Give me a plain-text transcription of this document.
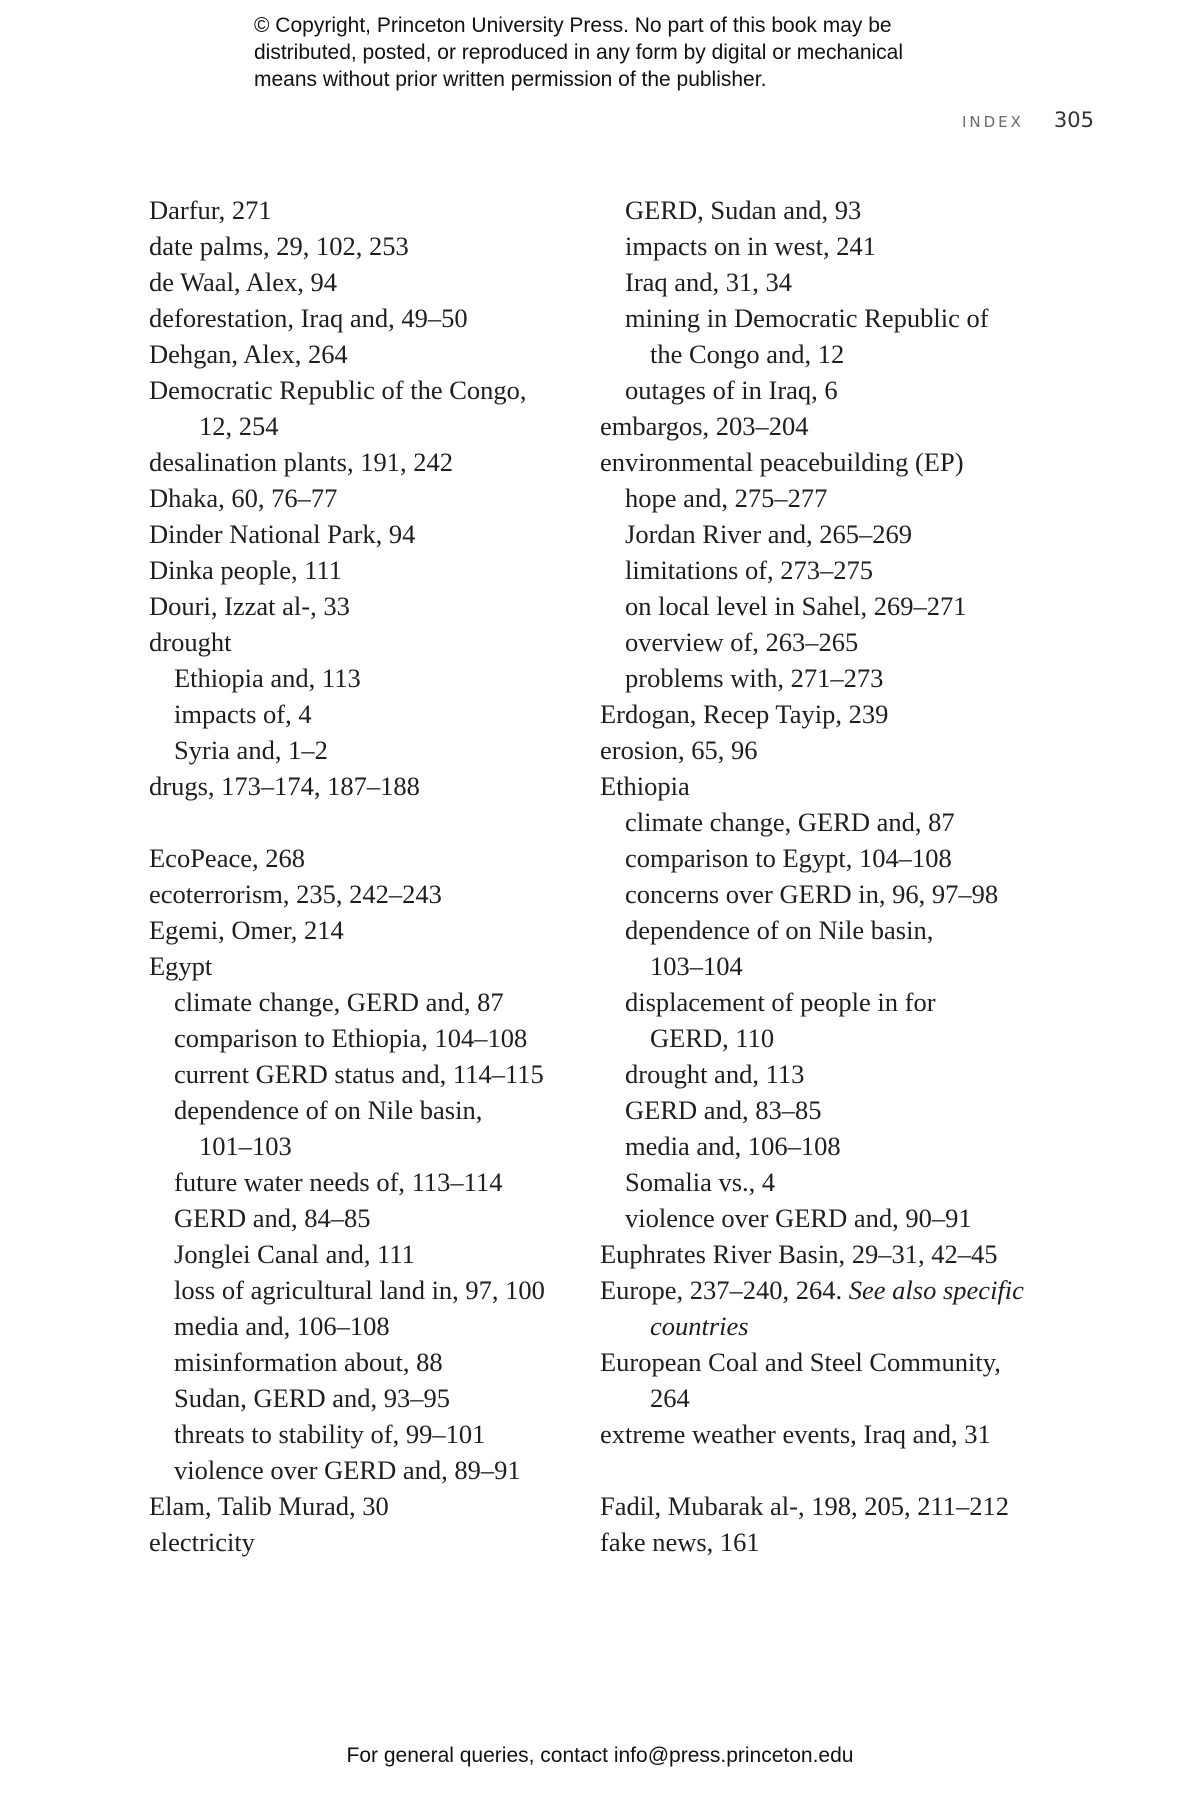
© Copyright, Princeton University Press. No part of this book may be
distributed, posted, or reproduced in any form by digital or mechanical
means without prior written permission of the publisher.
INDEX 305
Darfur, 271
date palms, 29, 102, 253
de Waal, Alex, 94
deforestation, Iraq and, 49–50
Dehgan, Alex, 264
Democratic Republic of the Congo,
12, 254
desalination plants, 191, 242
Dhaka, 60, 76–77
Dinder National Park, 94
Dinka people, 111
Douri, Izzat al-, 33
drought
Ethiopia and, 113
impacts of, 4
Syria and, 1–2
drugs, 173–174, 187–188
EcoPeace, 268
ecoterrorism, 235, 242–243
Egemi, Omer, 214
Egypt
climate change, GERD and, 87
comparison to Ethiopia, 104–108
current GERD status and, 114–115
dependence of on Nile basin,
101–103
future water needs of, 113–114
GERD and, 84–85
Jonglei Canal and, 111
loss of agricultural land in, 97, 100
media and, 106–108
misinformation about, 88
Sudan, GERD and, 93–95
threats to stability of, 99–101
violence over GERD and, 89–91
Elam, Talib Murad, 30
electricity
GERD, Sudan and, 93
impacts on in west, 241
Iraq and, 31, 34
mining in Democratic Republic of
the Congo and, 12
outages of in Iraq, 6
embargos, 203–204
environmental peacebuilding (EP)
hope and, 275–277
Jordan River and, 265–269
limitations of, 273–275
on local level in Sahel, 269–271
overview of, 263–265
problems with, 271–273
Erdogan, Recep Tayip, 239
erosion, 65, 96
Ethiopia
climate change, GERD and, 87
comparison to Egypt, 104–108
concerns over GERD in, 96, 97–98
dependence of on Nile basin,
103–104
displacement of people in for
GERD, 110
drought and, 113
GERD and, 83–85
media and, 106–108
Somalia vs., 4
violence over GERD and, 90–91
Euphrates River Basin, 29–31, 42–45
Europe, 237–240, 264. See also specific
countries
European Coal and Steel Community,
264
extreme weather events, Iraq and, 31
Fadil, Mubarak al-, 198, 205, 211–212
fake news, 161
For general queries, contact info@press.princeton.edu
